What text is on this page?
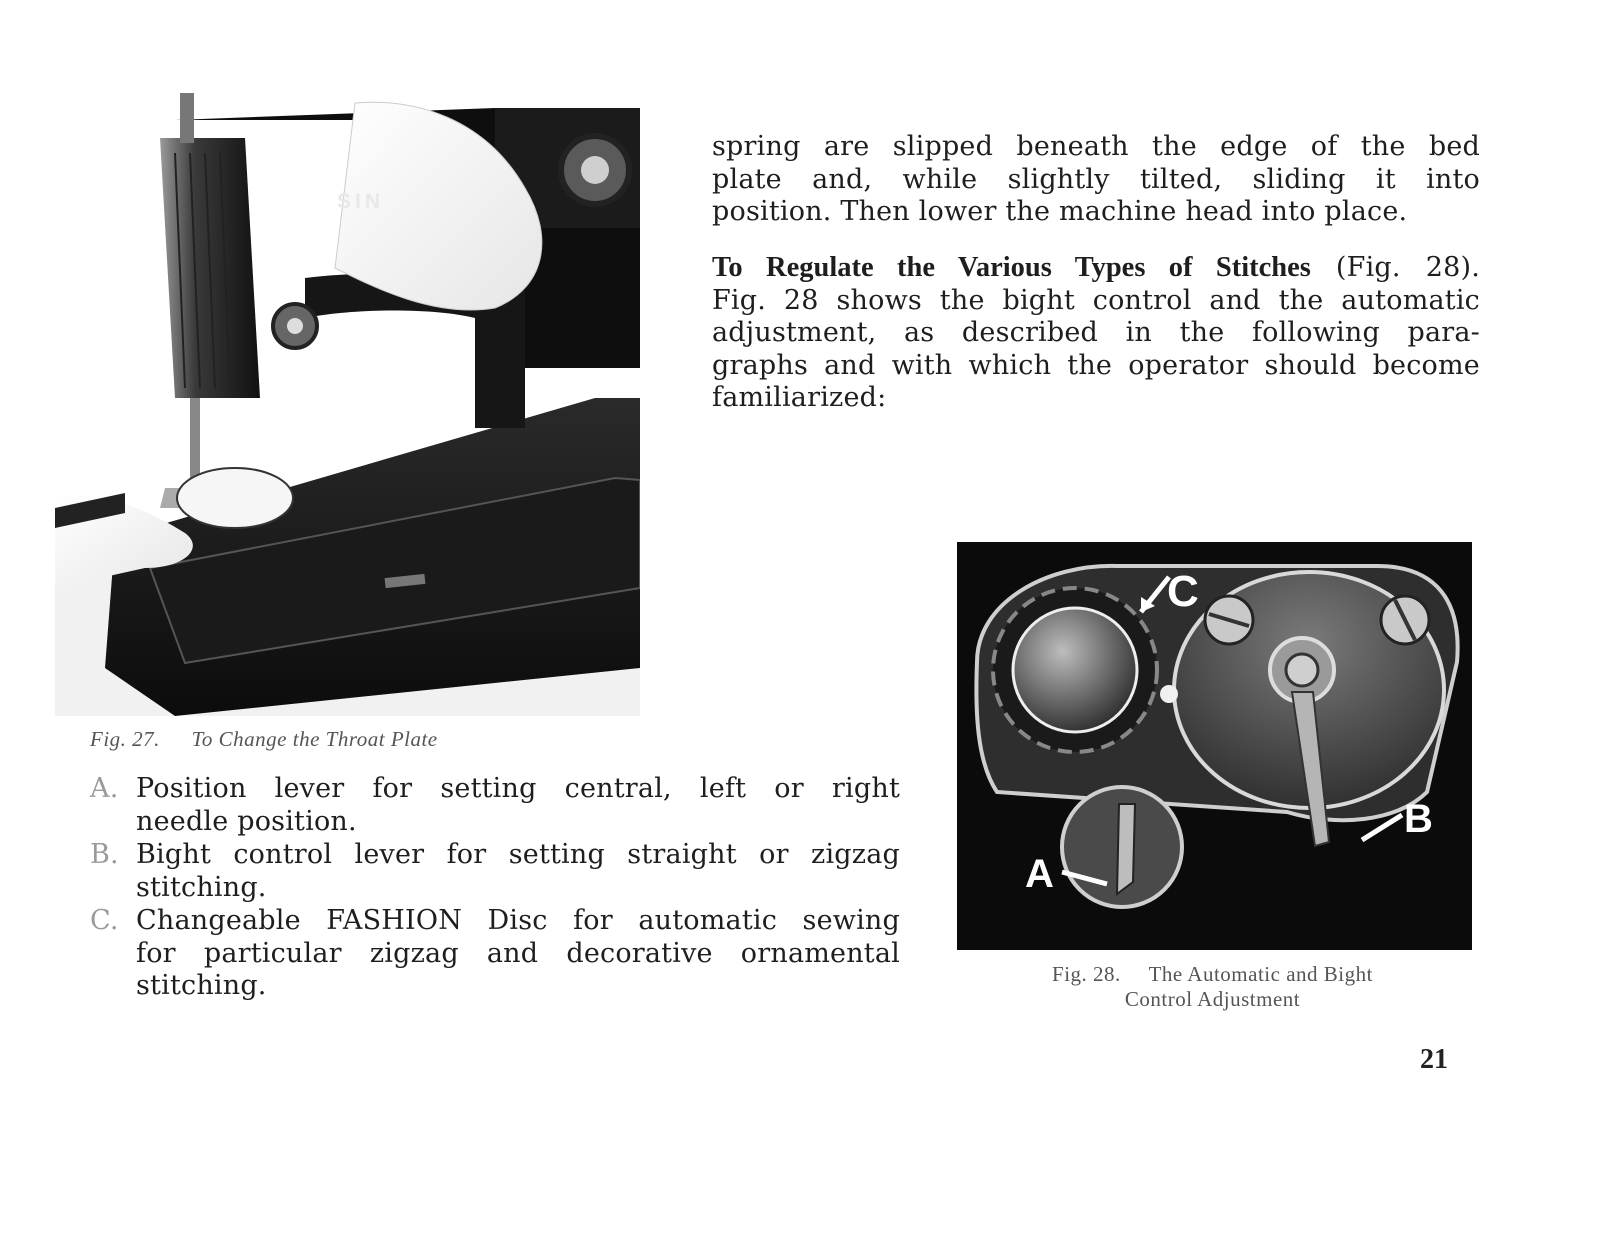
SIN
Fig. 27. To Change the Throat Plate

spring are slipped beneath the edge of the bed

plate and, while slightly tilted, sliding it into

position. Then lower the machine head into place.

To Regulate the Various Types of Stitches (Fig. 28).

Fig. 28 shows the bight control and the automatic

adjustment, as described in the following para-

graphs and with which the operator should become

familiarized:

C
B
A
Fig. 28. The Automatic and Bight
Control Adjustment
A. Position lever for setting central, left or right

needle position.

B. Bight control lever for setting straight or zigzag

stitching.

C. Changeable FASHION Disc for automatic sewing

for particular zigzag and decorative ornamental

stitching.

21
